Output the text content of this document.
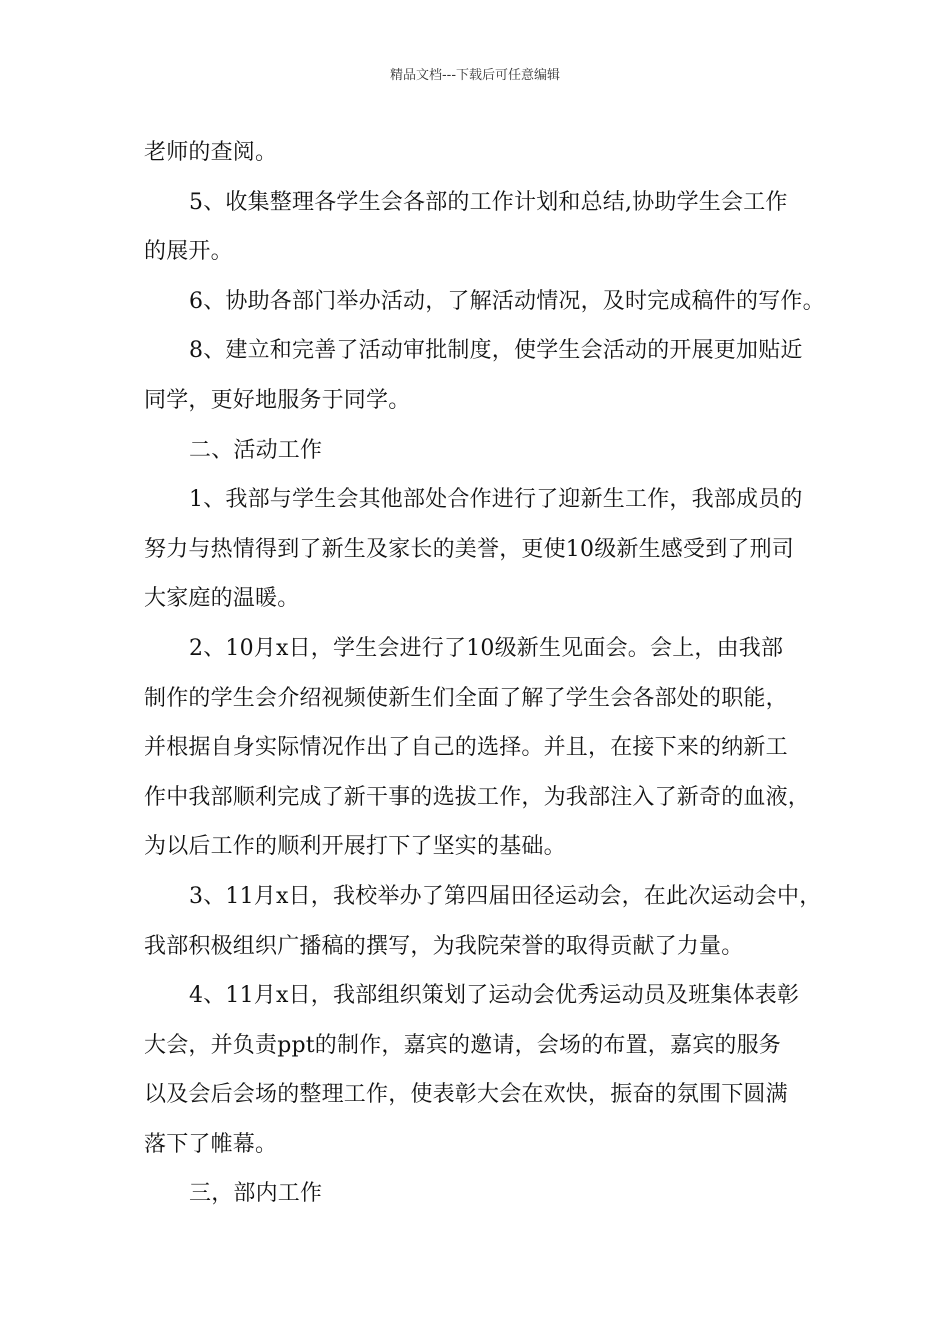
精品文档---下载后可任意编辑
老师的查阅。
5、收集整理各学生会各部的工作计划和总结,协助学生会工作
的展开。
6、协助各部门举办活动，了解活动情况，及时完成稿件的写作。
8、建立和完善了活动审批制度，使学生会活动的开展更加贴近
同学，更好地服务于同学。
二、活动工作
1、我部与学生会其他部处合作进行了迎新生工作，我部成员的
努力与热情得到了新生及家长的美誉，更使10级新生感受到了刑司
大家庭的温暖。
2、10月x日，学生会进行了10级新生见面会。会上，由我部
制作的学生会介绍视频使新生们全面了解了学生会各部处的职能，
并根据自身实际情况作出了自己的选择。并且，在接下来的纳新工
作中我部顺利完成了新干事的选拔工作，为我部注入了新奇的血液，
为以后工作的顺利开展打下了坚实的基础。
3、11月x日，我校举办了第四届田径运动会，在此次运动会中，
我部积极组织广播稿的撰写，为我院荣誉的取得贡献了力量。
4、11月x日，我部组织策划了运动会优秀运动员及班集体表彰
大会，并负责ppt的制作，嘉宾的邀请，会场的布置，嘉宾的服务
以及会后会场的整理工作，使表彰大会在欢快，振奋的氛围下圆满
落下了帷幕。
三，部内工作
